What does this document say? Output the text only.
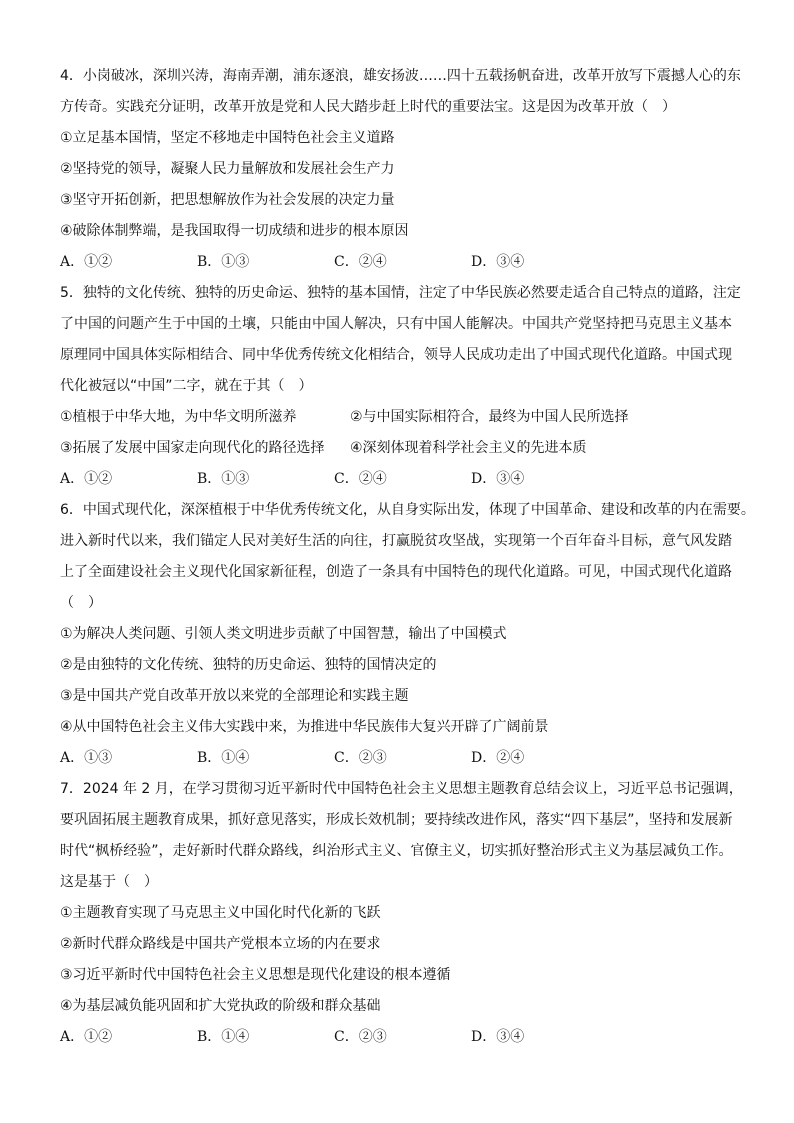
4．小岗破冰，深圳兴涛，海南弄潮，浦东逐浪，雄安扬波……四十五载扬帆奋进，改革开放写下震撼人心的东
方传奇。实践充分证明，改革开放是党和人民大踏步赶上时代的重要法宝。这是因为改革开放（　）
①立足基本国情，坚定不移地走中国特色社会主义道路
②坚持党的领导，凝聚人民力量解放和发展社会生产力
③坚守开拓创新，把思想解放作为社会发展的决定力量
④破除体制弊端，是我国取得一切成绩和进步的根本原因
A．①②	B．①③	C．②④	D．③④
5．独特的文化传统、独特的历史命运、独特的基本国情，注定了中华民族必然要走适合自己特点的道路，注定
了中国的问题产生于中国的土壤，只能由中国人解决，只有中国人能解决。中国共产党坚持把马克思主义基本
原理同中国具体实际相结合、同中华优秀传统文化相结合，领导人民成功走出了中国式现代化道路。中国式现
代化被冠以“中国”二字，就在于其（　）
①植根于中华大地，为中华文明所滋养	②与中国实际相符合，最终为中国人民所选择
③拓展了发展中国家走向现代化的路径选择	④深刻体现着科学社会主义的先进本质
A．①②	B．①③	C．②④	D．③④
6．中国式现代化，深深植根于中华优秀传统文化，从自身实际出发，体现了中国革命、建设和改革的内在需要。
进入新时代以来，我们锚定人民对美好生活的向往，打赢脱贫攻坚战，实现第一个百年奋斗目标，意气风发踏
上了全面建设社会主义现代化国家新征程，创造了一条具有中国特色的现代化道路。可见，中国式现代化道路
（　）
①为解决人类问题、引领人类文明进步贡献了中国智慧，输出了中国模式
②是由独特的文化传统、独特的历史命运、独特的国情决定的
③是中国共产党自改革开放以来党的全部理论和实践主题
④从中国特色社会主义伟大实践中来，为推进中华民族伟大复兴开辟了广阔前景
A．①③	B．①④	C．②③	D．②④
7．2024 年 2 月，在学习贯彻习近平新时代中国特色社会主义思想主题教育总结会议上，习近平总书记强调，
要巩固拓展主题教育成果，抓好意见落实，形成长效机制；要持续改进作风，落实“四下基层”，坚持和发展新
时代“枫桥经验”，走好新时代群众路线，纠治形式主义、官僚主义，切实抓好整治形式主义为基层减负工作。
这是基于（　）
①主题教育实现了马克思主义中国化时代化新的飞跃
②新时代群众路线是中国共产党根本立场的内在要求
③习近平新时代中国特色社会主义思想是现代化建设的根本遵循
④为基层减负能巩固和扩大党执政的阶级和群众基础
A．①②	B．①④	C．②③	D．③④
